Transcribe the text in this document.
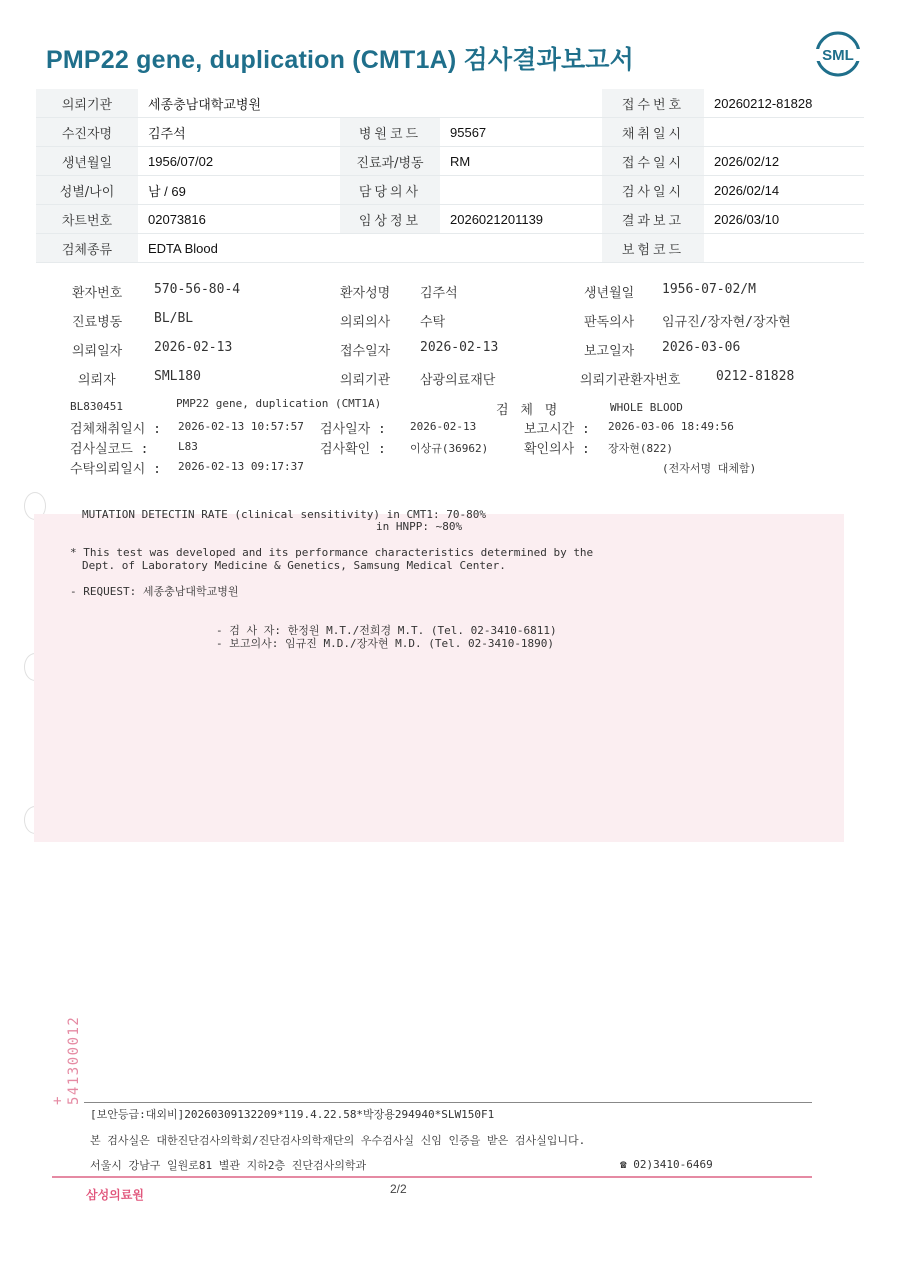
PMP22 gene, duplication (CMT1A) 검사결과보고서	SML
의뢰기관	세종충남대학교병원			접수번호	20260212-81828
수진자명	김주석	병원코드	95567	채취일시	
생년월일	1956/07/02	진료과/병동	RM	접수일시	2026/02/12
성별/나이	남 / 69	담당의사		검사일시	2026/02/14
차트번호	02073816	임상정보	2026021201139	결과보고	2026/03/10
검체종류	EDTA Blood			보험코드	
환자번호 570-56-80-4	환자성명 김주석	생년월일 1956-07-02/M
진료병동 BL/BL	의뢰의사 수탁	판독의사 임규진/장자현/장자현
의뢰일자 2026-02-13	접수일자 2026-02-13	보고일자 2026-03-06
의뢰자	SML180	의뢰기관 삼광의료재단	의뢰기관환자번호	0212-81828
BL830451	PMP22 gene, duplication (CMT1A)	검 체 명	WHOLE BLOOD
검체채취일시 : 2026-02-13 10:57:57 검사일자 : 2026-02-13	보고시간 : 2026-03-06 18:49:56
검사실코드 :	L83	검사확인 : 이상규(36962)	확인의사 : 장자현(822)
수탁의뢰일시 : 2026-02-13 09:17:37	(전자서명 대체함)
MUTATION DETECTIN RATE (clinical sensitivity) in CMT1: 70-80%
in HNPP: ~80%
* This test was developed and its performance characteristics determined by the
Dept. of Laboratory Medicine & Genetics, Samsung Medical Center.
- REQUEST: 세종충남대학교병원
- 검 사 자: 한정원 M.T./전희경 M.T. (Tel. 02-3410-6811)
- 보고의사: 임규진 M.D./장자현 M.D. (Tel. 02-3410-1890)
+ 541300012
[보안등급:대외비]20260309132209*119.4.22.58*박장용294940*SLW150F1
본 검사실은 대한진단검사의학회/진단검사의학재단의 우수검사실 신임 인증을 받은 검사실입니다.
서울시 강남구 일원로81 별관 지하2층 진단검사의학과	☎ 02)3410-6469
삼성의료원	2/2
